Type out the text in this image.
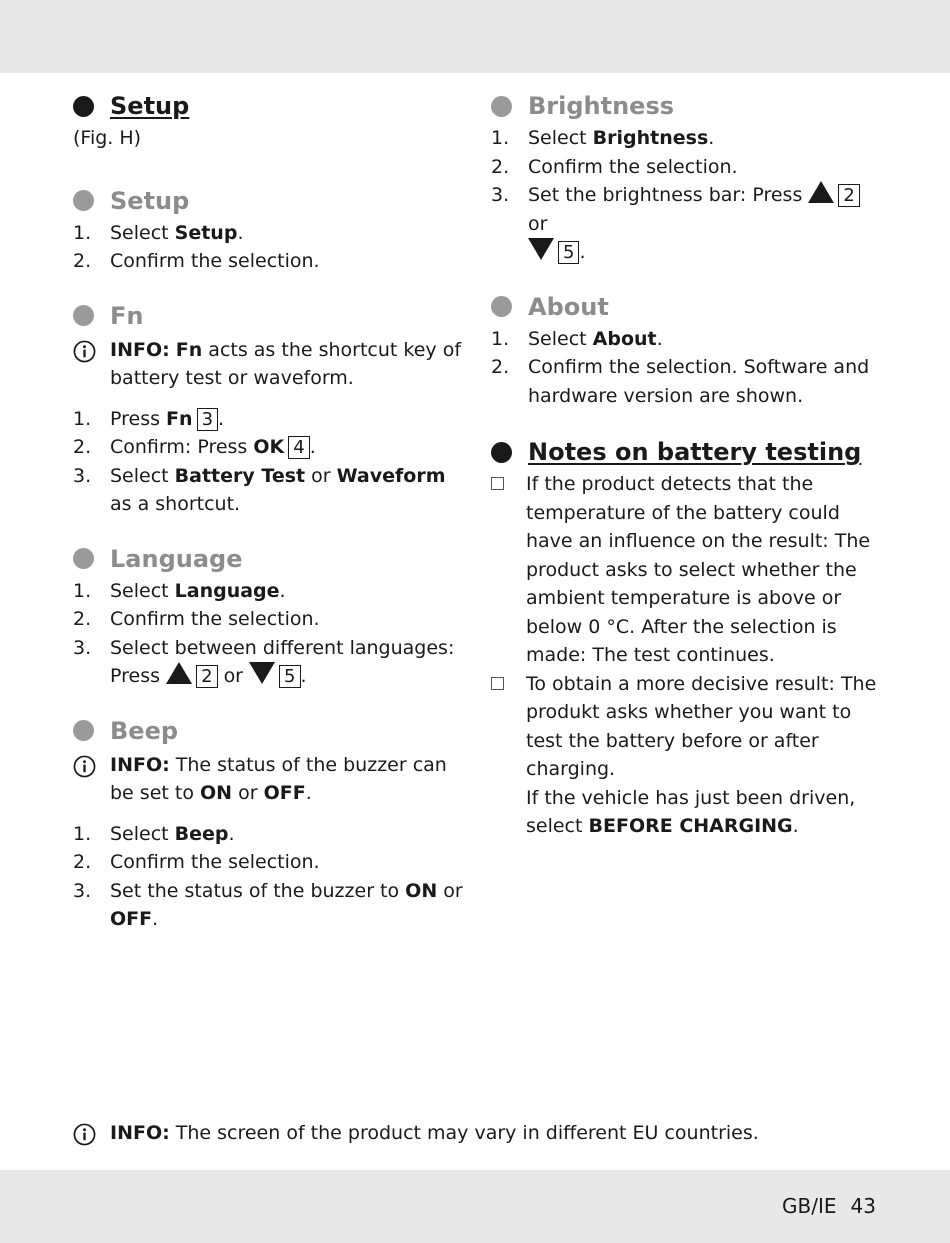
Setup

(Fig. H)

Setup
1. Select Setup.
2. Confirm the selection.
Fn
INFO: Fn acts as the shortcut key of battery test or waveform.
1. Press Fn 3 .
2. Confirm: Press OK 4 .
3. Select Battery Test or Waveform as a shortcut.
Language
1. Select Language.
2. Confirm the selection.
3. Select between different languages:
Press 2 or 5 .
Beep
INFO: The status of the buzzer can be set to ON or OFF.
1. Select Beep.
2. Confirm the selection.
3. Set the status of the buzzer to ON or OFF.
Brightness
1. Select Brightness.
2. Confirm the selection.
3. Set the brightness bar: Press 2 or
5 .
About
1. Select About.
2. Confirm the selection. Software and hardware version are shown.
Notes on battery testing
If the product detects that the temperature of the battery could have an influence on the result: The product asks to select whether the ambient temperature is above or below 0 °C. After the selection is made: The test continues.
To obtain a more decisive result: The produkt asks whether you want to test the battery before or after charging.
If the vehicle has just been driven, select BEFORE CHARGING.
INFO: The screen of the product may vary in different EU countries.
GB/IE 43
